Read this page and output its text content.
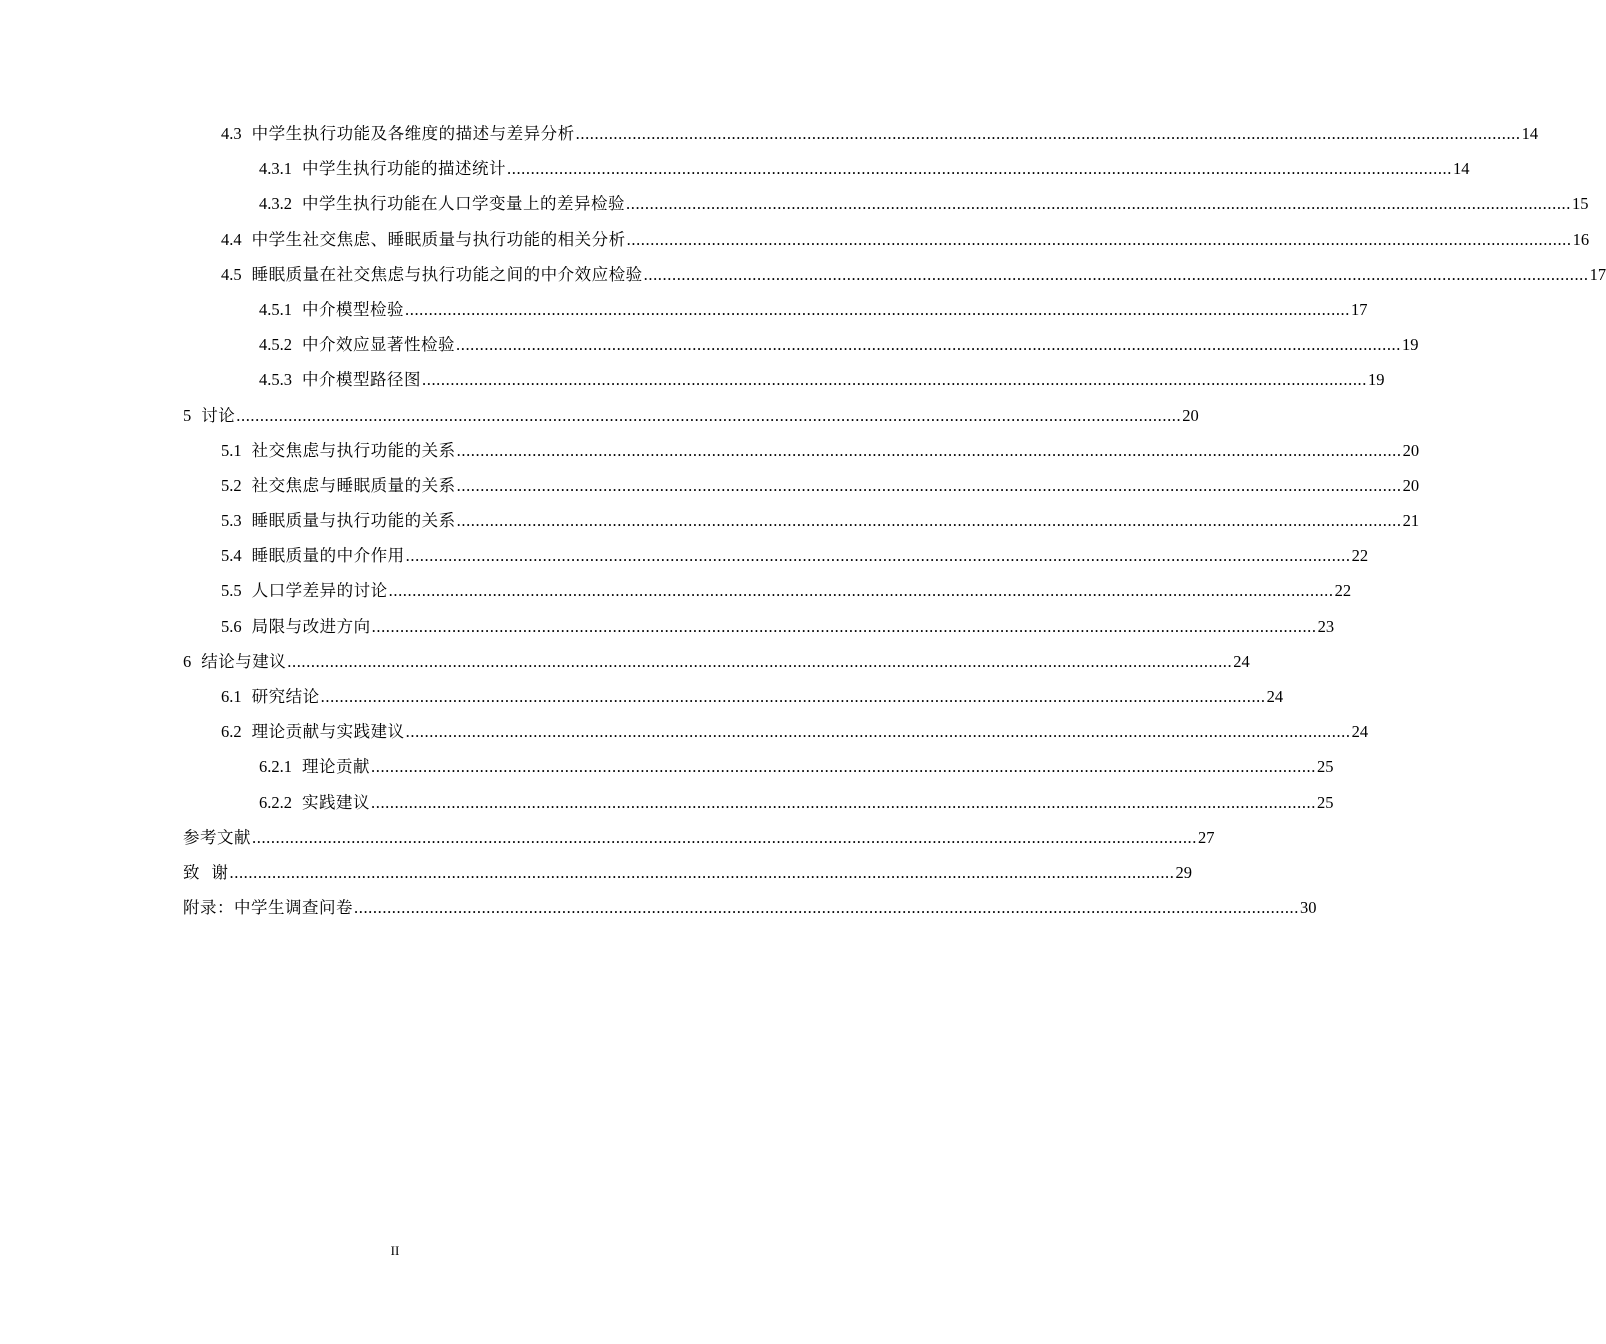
4.3 中学生执行功能及各维度的描述与差异分析 ........................................................................................................................................................................................................ 14
4.3.1 中学生执行功能的描述统计 ........................................................................................................................................................................................................ 14
4.3.2 中学生执行功能在人口学变量上的差异检验 ........................................................................................................................................................................................................ 15
4.4 中学生社交焦虑、睡眠质量与执行功能的相关分析 ........................................................................................................................................................................................................ 16
4.5 睡眠质量在社交焦虑与执行功能之间的中介效应检验 ........................................................................................................................................................................................................ 17
4.5.1 中介模型检验 ........................................................................................................................................................................................................ 17
4.5.2 中介效应显著性检验 ........................................................................................................................................................................................................ 19
4.5.3 中介模型路径图 ........................................................................................................................................................................................................ 19
5 讨论 ........................................................................................................................................................................................................ 20
5.1 社交焦虑与执行功能的关系 ........................................................................................................................................................................................................ 20
5.2 社交焦虑与睡眠质量的关系 ........................................................................................................................................................................................................ 20
5.3 睡眠质量与执行功能的关系 ........................................................................................................................................................................................................ 21
5.4 睡眠质量的中介作用 ........................................................................................................................................................................................................ 22
5.5 人口学差异的讨论 ........................................................................................................................................................................................................ 22
5.6 局限与改进方向 ........................................................................................................................................................................................................ 23
6 结论与建议 ........................................................................................................................................................................................................ 24
6.1 研究结论 ........................................................................................................................................................................................................ 24
6.2 理论贡献与实践建议 ........................................................................................................................................................................................................ 24
6.2.1 理论贡献 ........................................................................................................................................................................................................ 25
6.2.2 实践建议 ........................................................................................................................................................................................................ 25
参考文献 ........................................................................................................................................................................................................ 27
致  谢 ........................................................................................................................................................................................................ 29
附录：中学生调查问卷 ........................................................................................................................................................................................................ 30
II
